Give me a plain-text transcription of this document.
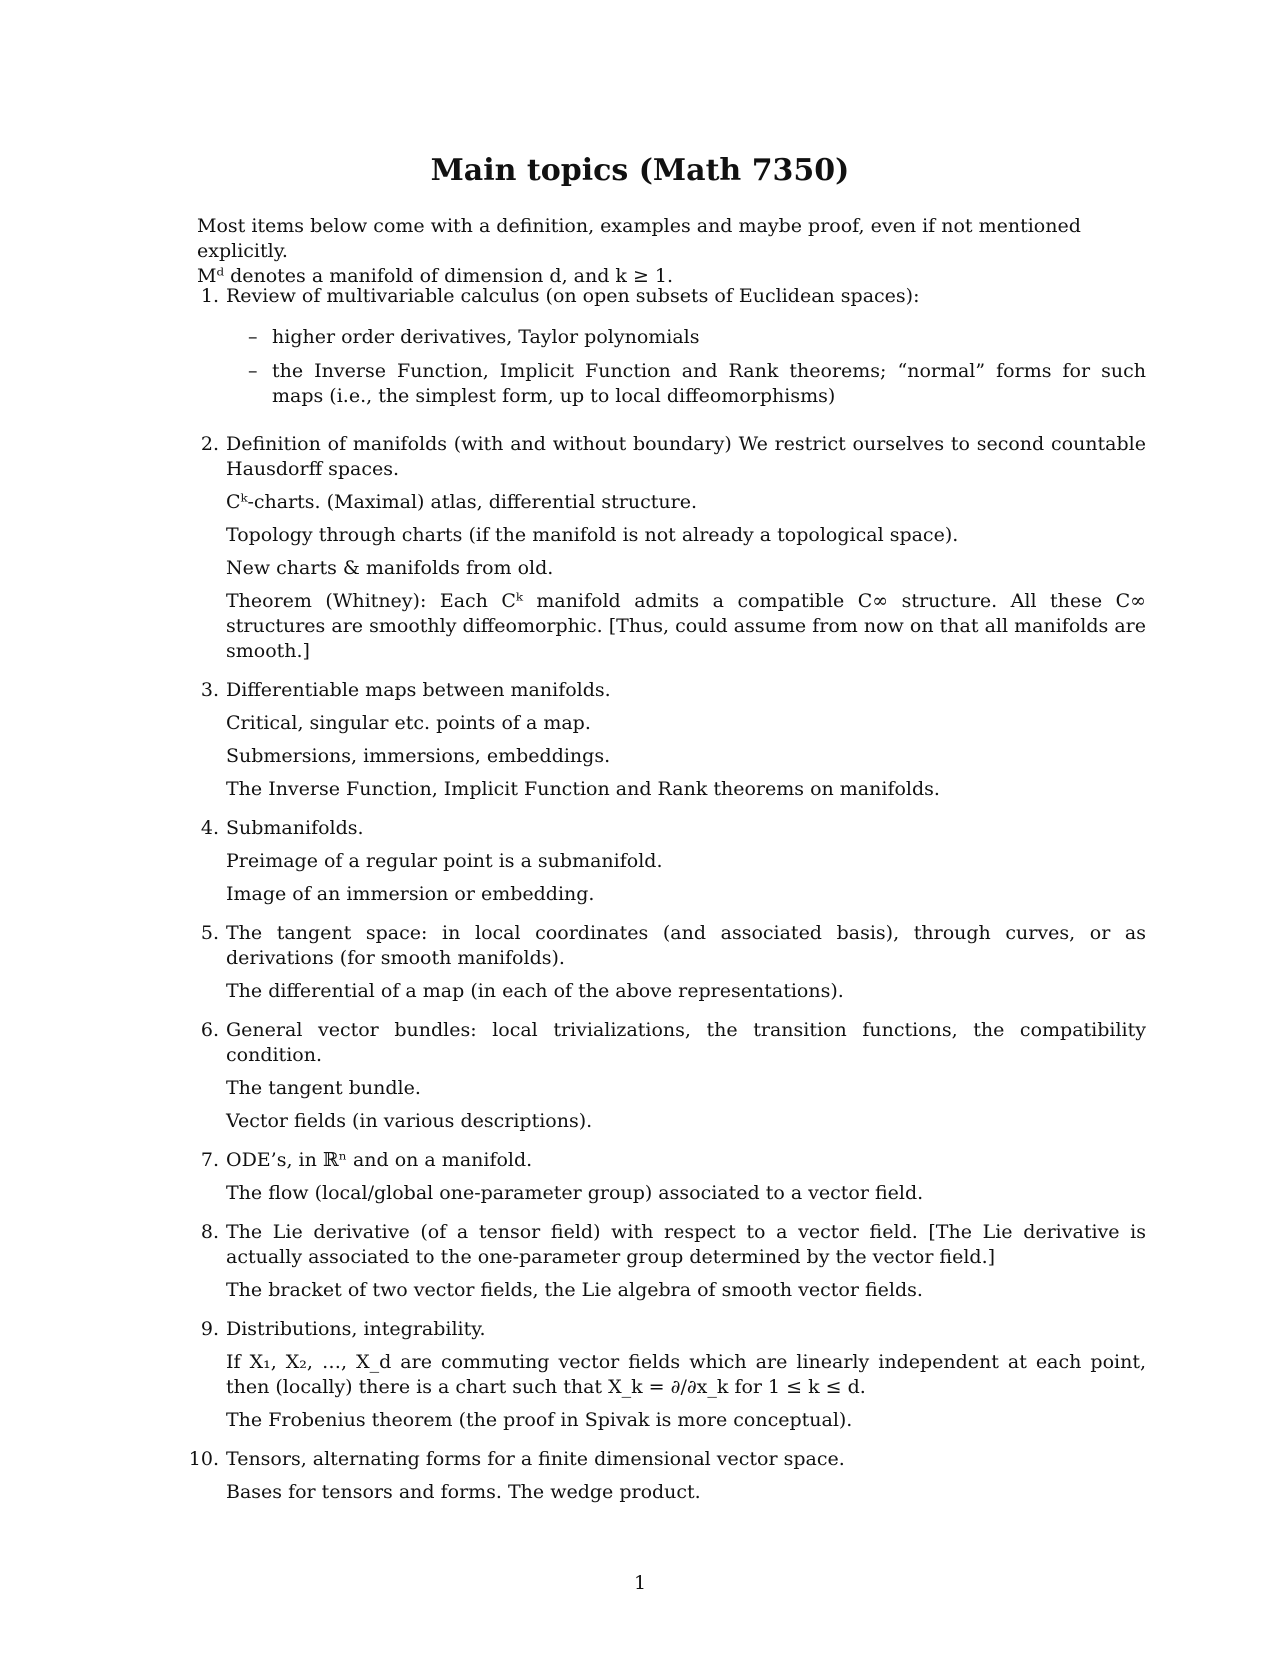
Main topics (Math 7350)

Most items below come with a definition, examples and maybe proof, even if not mentioned explicitly.

Mᵈ denotes a manifold of dimension d, and k ≥ 1.

1. Review of multivariable calculus (on open subsets of Euclidean spaces):

– higher order derivatives, Taylor polynomials
– the Inverse Function, Implicit Function and Rank theorems; “normal” forms for such maps (i.e., the simplest form, up to local diffeomorphisms)
2. Definition of manifolds (with and without boundary) We restrict ourselves to second countable Hausdorff spaces.

Cᵏ-charts. (Maximal) atlas, differential structure.

Topology through charts (if the manifold is not already a topological space).

New charts & manifolds from old.

Theorem (Whitney): Each Cᵏ manifold admits a compatible C∞ structure. All these C∞ structures are smoothly diffeomorphic. [Thus, could assume from now on that all manifolds are smooth.]

3. Differentiable maps between manifolds.

Critical, singular etc. points of a map.

Submersions, immersions, embeddings.

The Inverse Function, Implicit Function and Rank theorems on manifolds.

4. Submanifolds.

Preimage of a regular point is a submanifold.

Image of an immersion or embedding.

5. The tangent space: in local coordinates (and associated basis), through curves, or as derivations (for smooth manifolds).

The differential of a map (in each of the above representations).

6. General vector bundles: local trivializations, the transition functions, the compatibility condition.

The tangent bundle.

Vector fields (in various descriptions).

7. ODE’s, in ℝⁿ and on a manifold.

The flow (local/global one-parameter group) associated to a vector field.

8. The Lie derivative (of a tensor field) with respect to a vector field. [The Lie derivative is actually associated to the one-parameter group determined by the vector field.]

The bracket of two vector fields, the Lie algebra of smooth vector fields.

9. Distributions, integrability.

If X₁, X₂, …, X_d are commuting vector fields which are linearly independent at each point, then (locally) there is a chart such that X_k = ∂/∂x_k for 1 ≤ k ≤ d.

The Frobenius theorem (the proof in Spivak is more conceptual).

10. Tensors, alternating forms for a finite dimensional vector space.

Bases for tensors and forms. The wedge product.

1
